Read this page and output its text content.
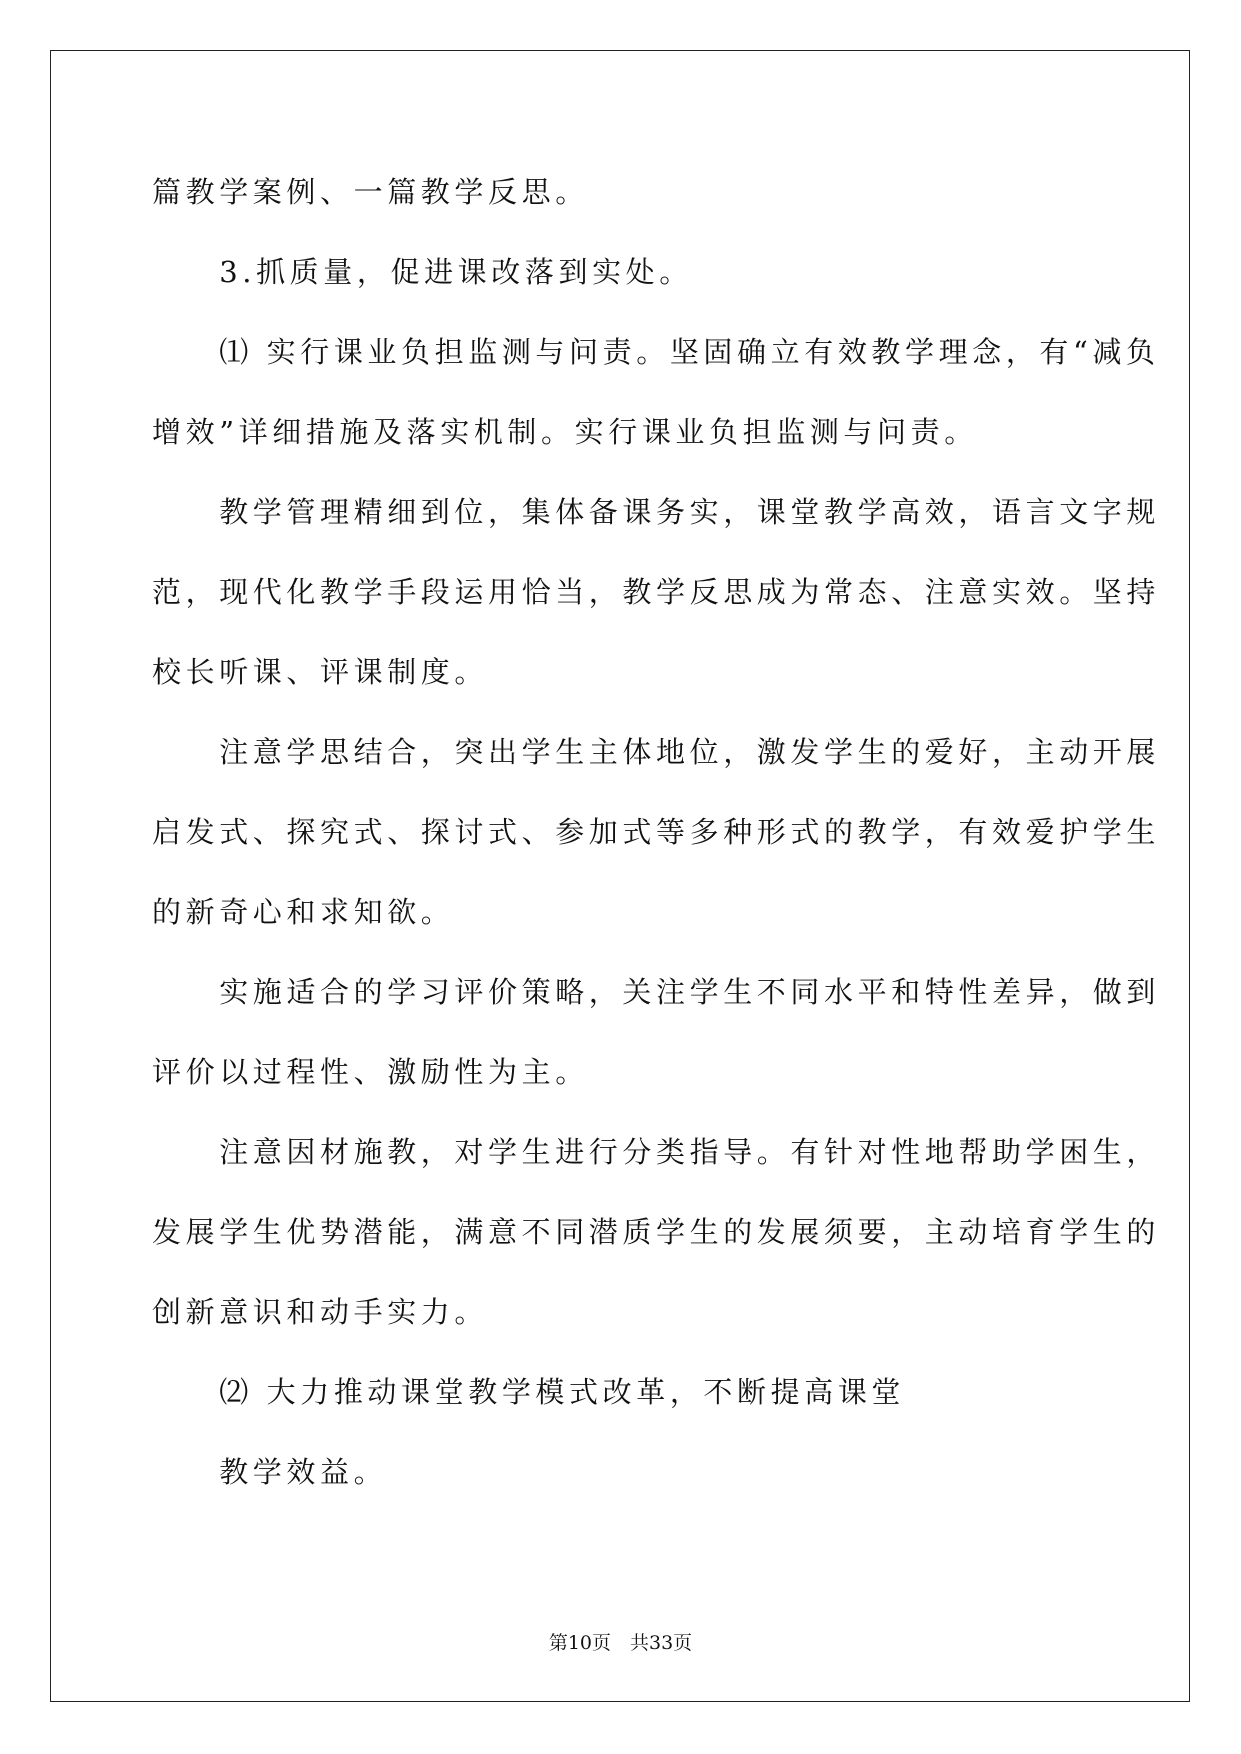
篇教学案例、一篇教学反思。

　　3.抓质量，促进课改落到实处。

　　⑴ 实行课业负担监测与问责。坚固确立有效教学理念，有“减负

增效”详细措施及落实机制。实行课业负担监测与问责。

　　教学管理精细到位，集体备课务实，课堂教学高效，语言文字规

范，现代化教学手段运用恰当，教学反思成为常态、注意实效。坚持

校长听课、评课制度。

　　注意学思结合，突出学生主体地位，激发学生的爱好，主动开展

启发式、探究式、探讨式、参加式等多种形式的教学，有效爱护学生

的新奇心和求知欲。

　　实施适合的学习评价策略，关注学生不同水平和特性差异，做到

评价以过程性、激励性为主。

　　注意因材施教，对学生进行分类指导。有针对性地帮助学困生，

发展学生优势潜能，满意不同潜质学生的发展须要，主动培育学生的

创新意识和动手实力。

　　⑵ 大力推动课堂教学模式改革，不断提高课堂

　　教学效益。

第10页　共33页
